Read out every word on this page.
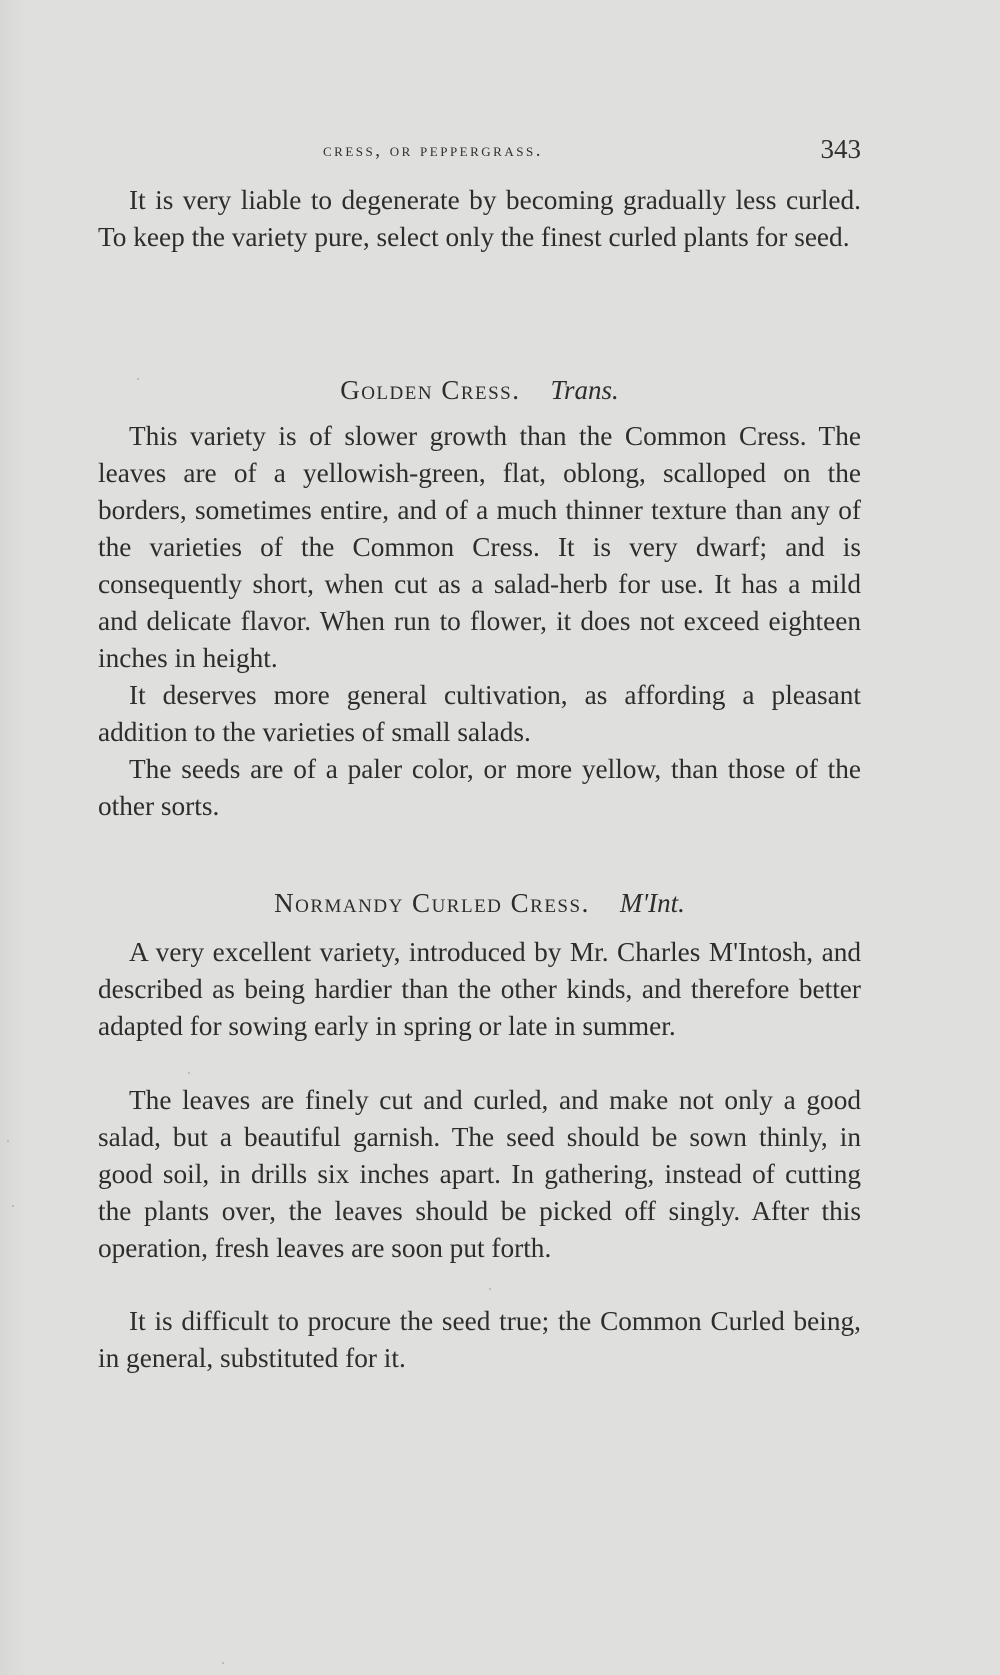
cress, or peppergrass.	343

It is very liable to degenerate by becoming gradually less curled. To keep the variety pure, select only the finest curled plants for seed.

Golden Cress. Trans.

This variety is of slower growth than the Common Cress. The leaves are of a yellowish-green, flat, oblong, scalloped on the borders, sometimes entire, and of a much thinner texture than any of the varieties of the Common Cress. It is very dwarf; and is consequently short, when cut as a salad-herb for use. It has a mild and delicate flavor. When run to flower, it does not exceed eighteen inches in height.

It deserves more general cultivation, as affording a pleasant addition to the varieties of small salads.

The seeds are of a paler color, or more yellow, than those of the other sorts.

Normandy Curled Cress. M'Int.

A very excellent variety, introduced by Mr. Charles M'Intosh, and described as being hardier than the other kinds, and therefore better adapted for sowing early in spring or late in summer.

The leaves are finely cut and curled, and make not only a good salad, but a beautiful garnish. The seed should be sown thinly, in good soil, in drills six inches apart. In gathering, instead of cutting the plants over, the leaves should be picked off singly. After this operation, fresh leaves are soon put forth.

It is difficult to procure the seed true; the Common Curled being, in general, substituted for it.
